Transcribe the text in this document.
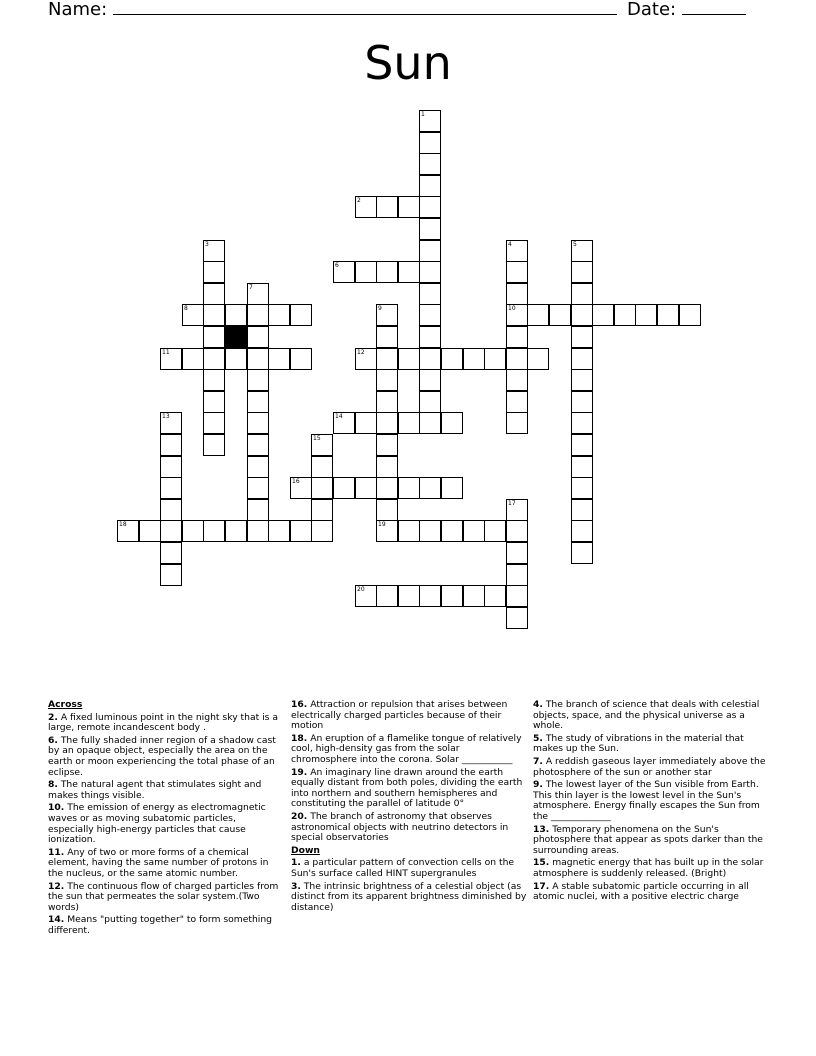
Name:	Date:
Sun
1
2
3	4
10
5
6
7
8	9
19
11	12
13	14
15
16
17
18
20
Across

2. A fixed luminous point in the night sky that is a large, remote incandescent body .

6. The fully shaded inner region of a shadow cast by an opaque object, especially the area on the earth or moon experiencing the total phase of an eclipse.

8. The natural agent that stimulates sight and makes things visible.

10. The emission of energy as electromagnetic waves or as moving subatomic particles, especially high-energy particles that cause ionization.

11. Any of two or more forms of a chemical element, having the same number of protons in the nucleus, or the same atomic number.

12. The continuous flow of charged particles from the sun that permeates the solar system.(Two words)

14. Means "putting together" to form something different.

16. Attraction or repulsion that arises between electrically charged particles because of their motion

18. An eruption of a flamelike tongue of relatively cool, high-density gas from the solar chromosphere into the corona. Solar ___________

19. An imaginary line drawn around the earth equally distant from both poles, dividing the earth into northern and southern hemispheres and constituting the parallel of latitude 0°

20. The branch of astronomy that observes astronomical objects with neutrino detectors in special observatories

Down

1. a particular pattern of convection cells on the Sun's surface called HINT supergranules

3. The intrinsic brightness of a celestial object (as distinct from its apparent brightness diminished by distance)

4. The branch of science that deals with celestial objects, space, and the physical universe as a whole.

5. The study of vibrations in the material that makes up the Sun.

7. A reddish gaseous layer immediately above the photosphere of the sun or another star

9. The lowest layer of the Sun visible from Earth. This thin layer is the lowest level in the Sun's atmosphere. Energy finally escapes the Sun from the _____________

13. Temporary phenomena on the Sun's photosphere that appear as spots darker than the surrounding areas.

15. magnetic energy that has built up in the solar atmosphere is suddenly released. (Bright)

17. A stable subatomic particle occurring in all atomic nuclei, with a positive electric charge
